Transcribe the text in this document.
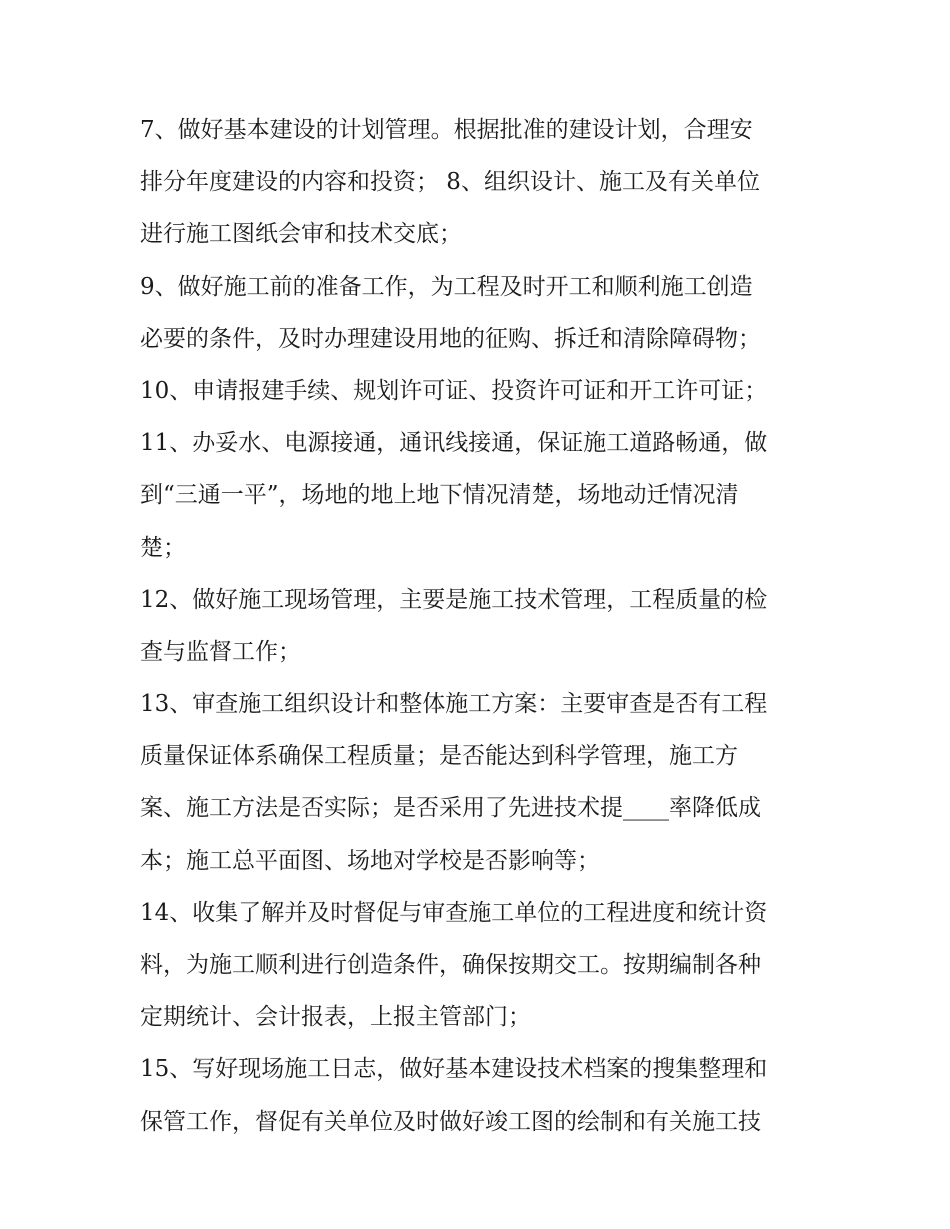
7、做好基本建设的计划管理。根据批准的建设计划，合理安
排分年度建设的内容和投资； 8、组织设计、施工及有关单位
进行施工图纸会审和技术交底；
9、做好施工前的准备工作，为工程及时开工和顺利施工创造
必要的条件，及时办理建设用地的征购、拆迁和清除障碍物；
10、申请报建手续、规划许可证、投资许可证和开工许可证；
11、办妥水、电源接通，通讯线接通，保证施工道路畅通，做
到“三通一平”，场地的地上地下情况清楚，场地动迁情况清
楚；
12、做好施工现场管理，主要是施工技术管理，工程质量的检
查与监督工作；
13、审查施工组织设计和整体施工方案：主要审查是否有工程
质量保证体系确保工程质量；是否能达到科学管理，施工方
案、施工方法是否实际；是否采用了先进技术提____率降低成
本；施工总平面图、场地对学校是否影响等；
14、收集了解并及时督促与审查施工单位的工程进度和统计资
料，为施工顺利进行创造条件，确保按期交工。按期编制各种
定期统计、会计报表，上报主管部门；
15、写好现场施工日志，做好基本建设技术档案的搜集整理和
保管工作，督促有关单位及时做好竣工图的绘制和有关施工技
